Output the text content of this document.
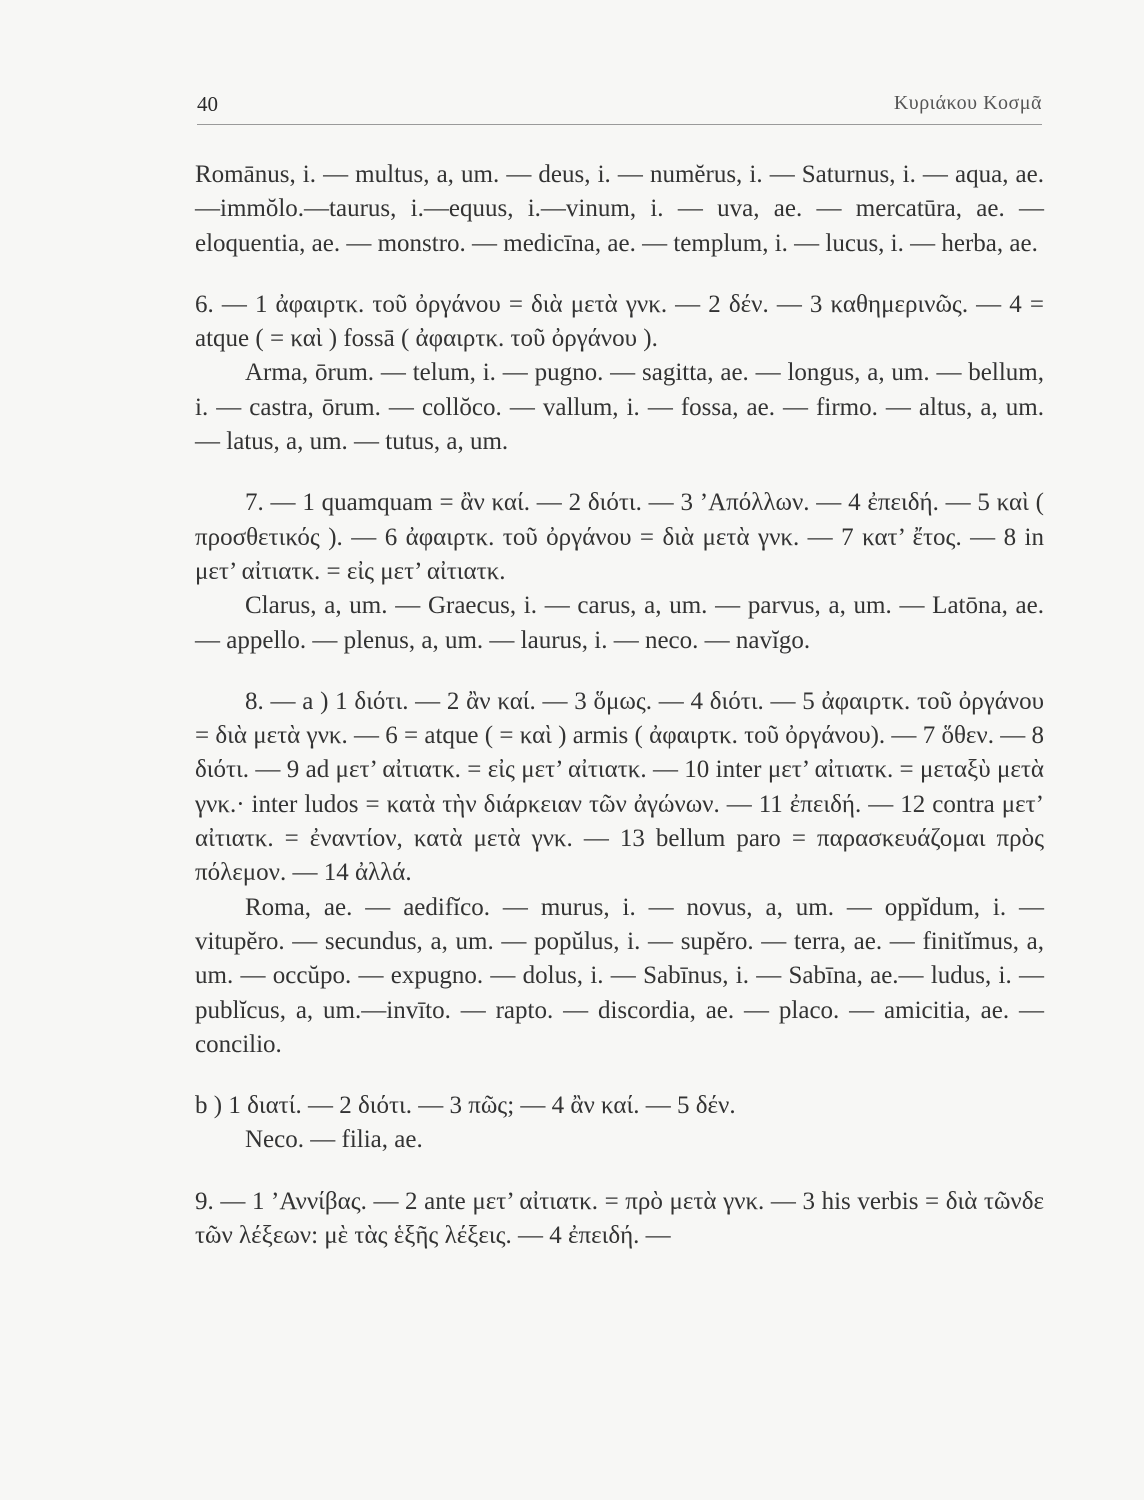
40	Κυριάκου Κοσμᾶ

Romānus, i. — multus, a, um. — deus, i. — numĕrus, i. — Saturnus, i. — aqua, ae.—immŏlo.—taurus, i.—equus, i.—vinum, i. — uva, ae. — mercatūra, ae. — eloquentia, ae. — monstro. — medicīna, ae. — templum, i. — lucus, i. — herba, ae.

6. — 1 ἀφαιρτκ. τοῦ ὀργάνου = διὰ μετὰ γνκ. — 2 δέν. — 3 καθημερινῶς. — 4 = atque ( = καὶ ) fossā ( ἀφαιρτκ. τοῦ ὀργάνου ).

Arma, ōrum. — telum, i. — pugno. — sagitta, ae. — longus, a, um. — bellum, i. — castra, ōrum. — collŏco. — vallum, i. — fossa, ae. — firmo. — altus, a, um. — latus, a, um. — tutus, a, um.

7. — 1 quamquam = ἂν καί. — 2 διότι. — 3 ’Απόλλων. — 4 ἐπειδή. — 5 καὶ ( προσθετικός ). — 6 ἀφαιρτκ. τοῦ ὀργάνου = διὰ μετὰ γνκ. — 7 κατ’ ἔτος. — 8 in μετ’ αἰτιατκ. = εἰς μετ’ αἰτιατκ.

Clarus, a, um. — Graecus, i. — carus, a, um. — parvus, a, um. — Latōna, ae. — appello. — plenus, a, um. — laurus, i. — neco. — navĭgo.

8. — a ) 1 διότι. — 2 ἂν καί. — 3 ὅμως. — 4 διότι. — 5 ἀφαιρτκ. τοῦ ὀργάνου = διὰ μετὰ γνκ. — 6 = atque ( = καὶ ) armis ( ἀφαιρτκ. τοῦ ὀργάνου). — 7 ὅθεν. — 8 διότι. — 9 ad μετ’ αἰτιατκ. = εἰς μετ’ αἰτιατκ. — 10 inter μετ’ αἰτιατκ. = μεταξὺ μετὰ γνκ.· inter ludos = κατὰ τὴν διάρκειαν τῶν ἀγώνων. — 11 ἐπειδή. — 12 contra μετ’ αἰτιατκ. = ἐναντίον, κατὰ μετὰ γνκ. — 13 bellum paro = παρασκευάζομαι πρὸς πόλεμον. — 14 ἀλλά.

Roma, ae. — aedifĭco. — murus, i. — novus, a, um. — oppĭdum, i. — vitupĕro. — secundus, a, um. — popŭlus, i. — supĕro. — terra, ae. — finitĭmus, a, um. — occŭpo. — expugno. — dolus, i. — Sabīnus, i. — Sabīna, ae.— ludus, i. — publĭcus, a, um.—invīto. — rapto. — discordia, ae. — placo. — amicitia, ae. — concilio.

b ) 1 διατί. — 2 διότι. — 3 πῶς; — 4 ἂν καί. — 5 δέν.

Neco. — filia, ae.

9. — 1 ’Αννίβας. — 2 ante μετ’ αἰτιατκ. = πρὸ μετὰ γνκ. — 3 his verbis = διὰ τῶνδε τῶν λέξεων: μὲ τὰς ἑξῆς λέξεις. — 4 ἐπειδή. —
